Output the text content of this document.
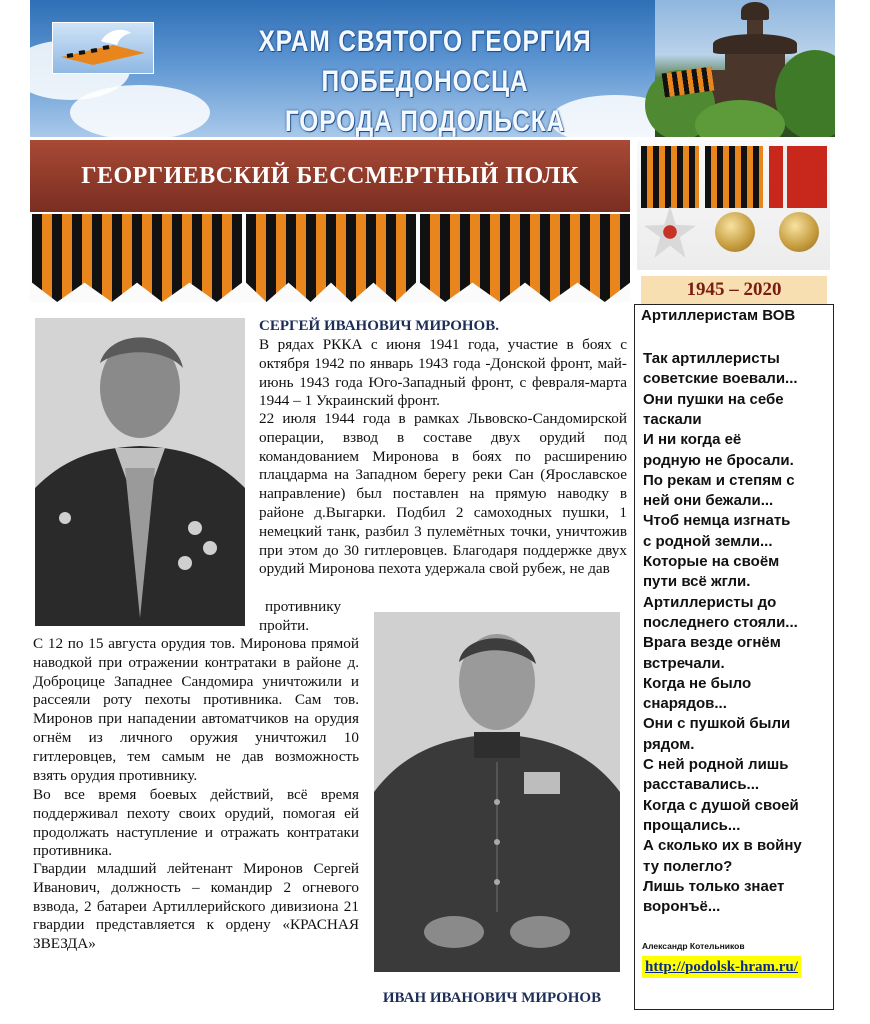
ХРАМ СВЯТОГО ГЕОРГИЯ ПОБЕДОНОСЦА
ГОРОДА ПОДОЛЬСКА
ГЕОРГИЕВСКИЙ БЕССМЕРТНЫЙ ПОЛК
1945 – 2020
Артиллеристам ВОВ
Так артиллеристы
советские воевали...
Они пушки на себе
таскали
И ни когда её
родную не бросали.
По рекам и степям с
ней они бежали...
Чтоб немца изгнать
с родной земли...
Которые на своём
пути всё жгли.
Артиллеристы до
последнего стояли...
Врага везде огнём
встречали.
Когда не было
снарядов...
Они с пушкой были
рядом.
С ней родной лишь
расставались...
Когда с душой своей
прощались...
А сколько их в войну
ту полегло?
Лишь только знает
воронъё...
Александр Котельников
http://podolsk-hram.ru/
СЕРГЕЙ ИВАНОВИЧ МИРОНОВ.
В рядах РККА с июня 1941 года, участие в боях с октября 1942 по январь 1943 года -Донской фронт, май-июнь 1943 года Юго-Западный фронт, с февраля-марта 1944 – 1 Украинский фронт.
22 июля 1944 года в рамках Львовско-Сандомирской операции, взвод в составе двух орудий под командованием Миронова в боях по расширению плацдарма на Западном берегу реки Сан (Ярославское направление) был поставлен на прямую наводку в районе д.Выгарки. Подбил 2 самоходных пушки, 1 немецкий танк, разбил 3 пулемётных точки, уничтожив при этом до 30 гитлеровцев. Благодаря поддержке двух орудий Миронова пехота удержала свой рубеж, не дав
противнику
пройти.
С 12 по 15 августа орудия тов. Миронова прямой наводкой при отражении контратаки в районе д. Доброцице Западнее Сандомира уничтожили и рассеяли роту пехоты противника. Сам тов. Миронов при нападении автоматчиков на орудия огнём из личного оружия уничтожил 10 гитлеровцев, тем самым не дав возможность взять орудия противнику.
Во все время боевых действий, всё время поддерживал пехоту своих орудий, помогая ей продолжать наступление и отражать контратаки противника.
Гвардии младший лейтенант Миронов Сергей Иванович, должность – командир 2 огневого взвода, 2 батареи Артиллерийского дивизиона 21 гвардии представляется к ордену «КРАСНАЯ ЗВЕЗДА»
ИВАН ИВАНОВИЧ МИРОНОВ
